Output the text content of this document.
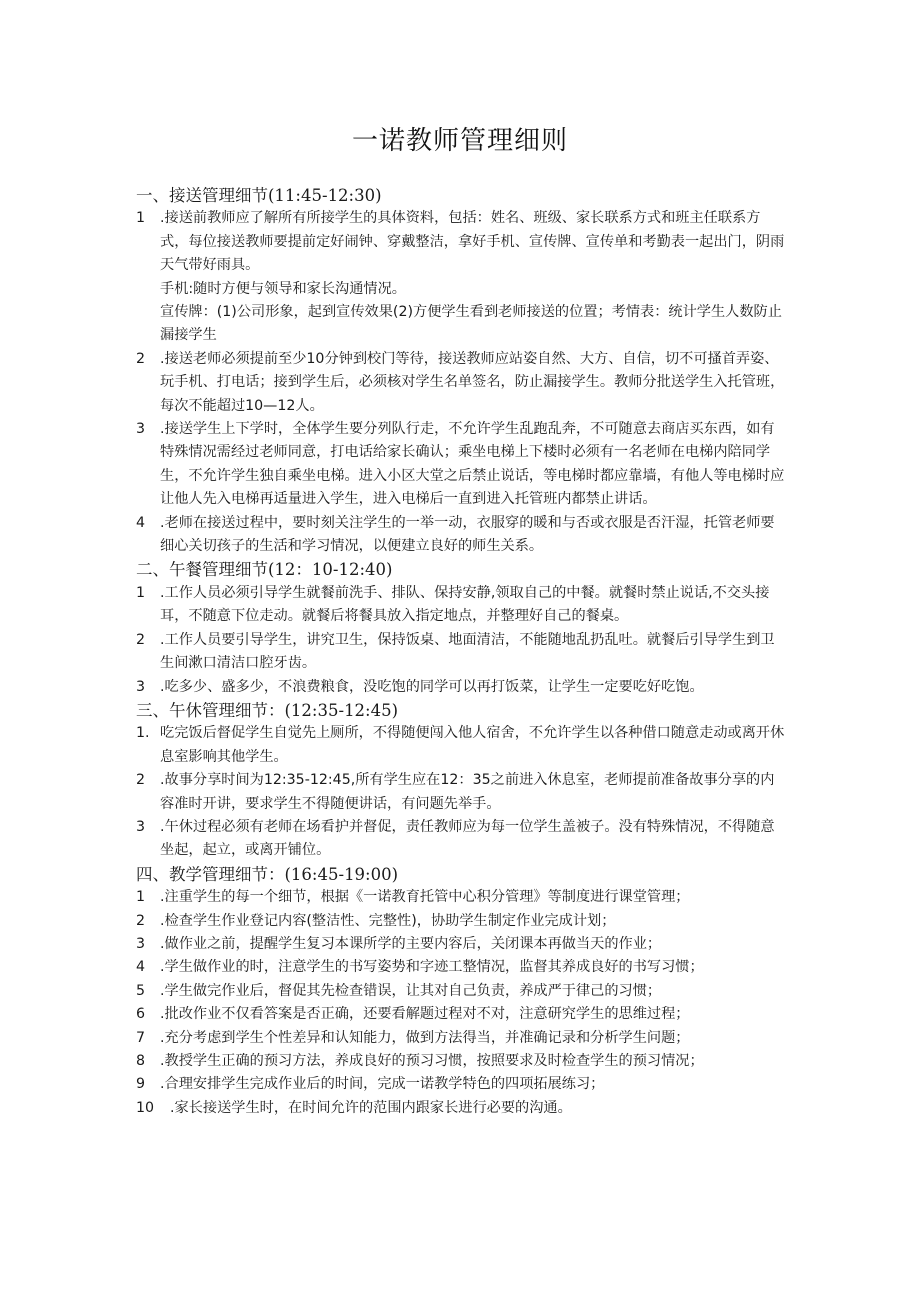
一诺教师管理细则
一、接送管理细节(11:45-12:30)
1	.接送前教师应了解所有所接学生的具体资料，包括：姓名、班级、家长联系方式和班主任联系方式，每位接送教师要提前定好闹钟、穿戴整洁，拿好手机、宣传牌、宣传单和考勤表一起出门，阴雨天气带好雨具。
手机:随时方便与领导和家长沟通情况。
宣传牌：(1)公司形象，起到宣传效果(2)方便学生看到老师接送的位置；考情表：统计学生人数防止漏接学生
2	.接送老师必须提前至少10分钟到校门等待，接送教师应站姿自然、大方、自信，切不可搔首弄姿、玩手机、打电话；接到学生后，必须核对学生名单签名，防止漏接学生。教师分批送学生入托管班，每次不能超过10—12人。
3	.接送学生上下学时，全体学生要分列队行走，不允许学生乱跑乱奔，不可随意去商店买东西，如有特殊情况需经过老师同意，打电话给家长确认；乘坐电梯上下楼时必须有一名老师在电梯内陪同学生，不允许学生独自乘坐电梯。进入小区大堂之后禁止说话，等电梯时都应靠墙，有他人等电梯时应让他人先入电梯再适量进入学生，进入电梯后一直到进入托管班内都禁止讲话。
4	.老师在接送过程中，要时刻关注学生的一举一动，衣服穿的暖和与否或衣服是否汗湿，托管老师要细心关切孩子的生活和学习情况，以便建立良好的师生关系。
二、午餐管理细节(12：10-12:40)
1	.工作人员必须引导学生就餐前洗手、排队、保持安静,领取自己的中餐。就餐时禁止说话,不交头接耳，不随意下位走动。就餐后将餐具放入指定地点，并整理好自己的餐桌。
2	.工作人员要引导学生，讲究卫生，保持饭桌、地面清洁，不能随地乱扔乱吐。就餐后引导学生到卫生间漱口清洁口腔牙齿。
3	.吃多少、盛多少，不浪费粮食，没吃饱的同学可以再打饭菜，让学生一定要吃好吃饱。
三、午休管理细节：(12:35-12:45)
1. 吃完饭后督促学生自觉先上厕所，不得随便闯入他人宿舍，不允许学生以各种借口随意走动或离开休息室影响其他学生。
2	.故事分享时间为12:35-12:45,所有学生应在12：35之前进入休息室，老师提前准备故事分享的内容准时开讲，要求学生不得随便讲话，有问题先举手。
3	.午休过程必须有老师在场看护并督促，责任教师应为每一位学生盖被子。没有特殊情况，不得随意坐起，起立，或离开铺位。
四、教学管理细节：(16:45-19:00)
1	.注重学生的每一个细节，根据《一诺教育托管中心积分管理》等制度进行课堂管理；
2	.检查学生作业登记内容(整洁性、完整性)，协助学生制定作业完成计划；
3	.做作业之前，提醒学生复习本课所学的主要内容后，关闭课本再做当天的作业；
4	.学生做作业的时，注意学生的书写姿势和字迹工整情况，监督其养成良好的书写习惯；
5	.学生做完作业后，督促其先检查错误，让其对自己负责，养成严于律己的习惯；
6	.批改作业不仅看答案是否正确，还要看解题过程对不对，注意研究学生的思维过程；
7	.充分考虑到学生个性差异和认知能力，做到方法得当，并准确记录和分析学生问题；
8	.教授学生正确的预习方法，养成良好的预习习惯，按照要求及时检查学生的预习情况；
9	.合理安排学生完成作业后的时间，完成一诺教学特色的四项拓展练习；
10	.家长接送学生时，在时间允许的范围内跟家长进行必要的沟通。
